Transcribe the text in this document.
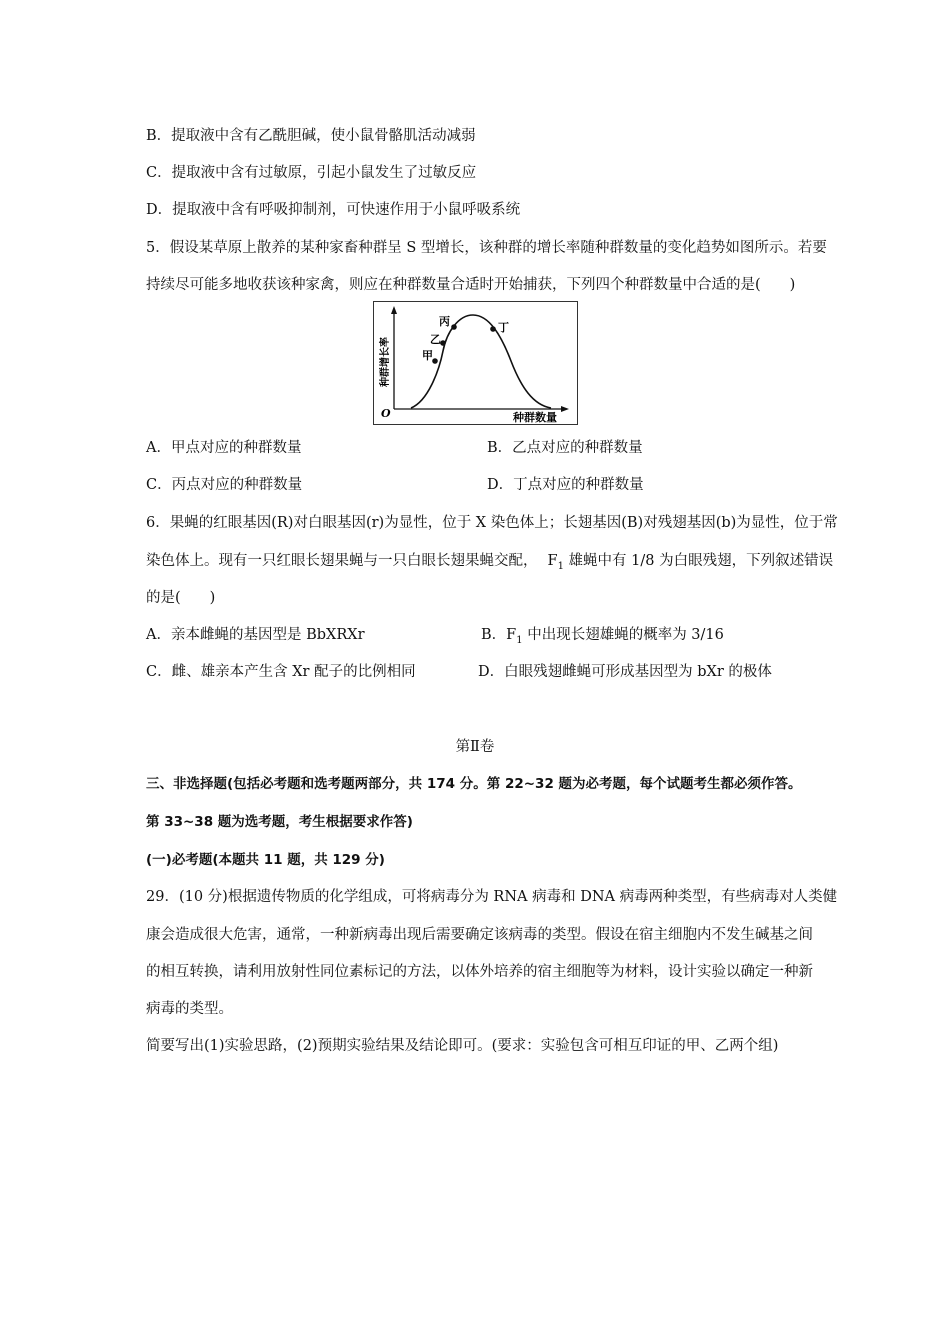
B．提取液中含有乙酰胆碱，使小鼠骨骼肌活动减弱
C．提取液中含有过敏原，引起小鼠发生了过敏反应
D．提取液中含有呼吸抑制剂，可快速作用于小鼠呼吸系统
5．假设某草原上散养的某种家畜种群呈 S 型增长，该种群的增长率随种群数量的变化趋势如图所示。若要
持续尽可能多地收获该种家禽，则应在种群数量合适时开始捕获，下列四个种群数量中合适的是(　　)
甲
乙
丙	丁
O	种群数量
种群增长率
A．甲点对应的种群数量	B．乙点对应的种群数量
C．丙点对应的种群数量	D．丁点对应的种群数量
6．果蝇的红眼基因(R)对白眼基因(r)为显性，位于 X 染色体上；长翅基因(B)对残翅基因(b)为显性，位于常
染色体上。现有一只红眼长翅果蝇与一只白眼长翅果蝇交配， $F_1$ 雄蝇中有 1/8 为白眼残翅，下列叙述错误
的是(　　)
A．亲本雌蝇的基因型是 BbXRXr	B．$F_1$ 中出现长翅雄蝇的概率为 3/16
C．雌、雄亲本产生含 Xr 配子的比例相同	D．白眼残翅雌蝇可形成基因型为 bXr 的极体
第Ⅱ卷
三、非选择题(包括必考题和选考题两部分，共 174 分。第 22~32 题为必考题，每个试题考生都必须作答。
第 33~38 题为选考题，考生根据要求作答)
(一)必考题(本题共 11 题，共 129 分)
29．(10 分)根据遗传物质的化学组成，可将病毒分为 RNA 病毒和 DNA 病毒两种类型，有些病毒对人类健
康会造成很大危害，通常，一种新病毒出现后需要确定该病毒的类型。假设在宿主细胞内不发生碱基之间
的相互转换，请利用放射性同位素标记的方法，以体外培养的宿主细胞等为材料，设计实验以确定一种新
病毒的类型。
简要写出(1)实验思路，(2)预期实验结果及结论即可。(要求：实验包含可相互印证的甲、乙两个组)
